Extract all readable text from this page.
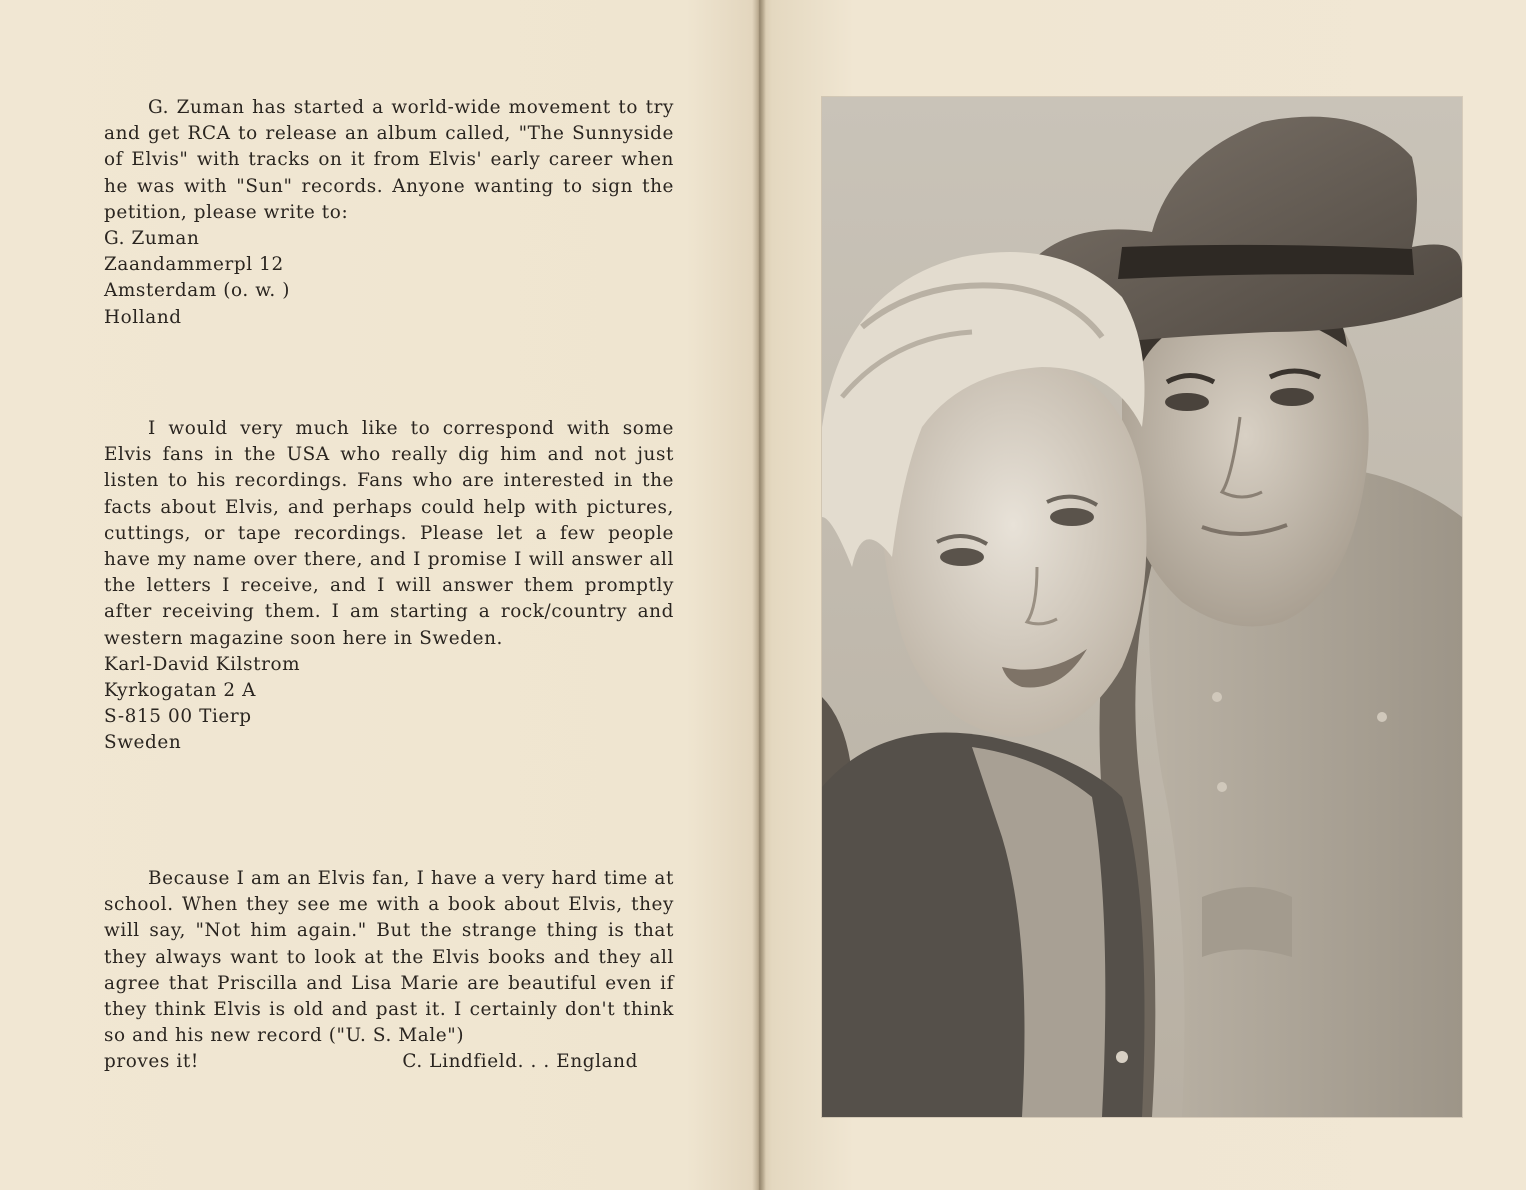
G. Zuman has started a world-wide movement to try and get RCA to release an album called, "The Sunnyside of Elvis" with tracks on it from Elvis' early career when he was with "Sun" records. Anyone wanting to sign the petition, please write to:

G. Zuman
Zaandammerpl 12
Amsterdam (o. w. )
Holland

I would very much like to correspond with some Elvis fans in the USA who really dig him and not just listen to his recordings. Fans who are interested in the facts about Elvis, and perhaps could help with pictures, cuttings, or tape recordings. Please let a few people have my name over there, and I promise I will answer all the letters I receive, and I will answer them promptly after receiving them. I am starting a rock/country and western magazine soon here in Sweden.

Karl-David Kilstrom
Kyrkogatan 2 A
S-815 00 Tierp
Sweden

Because I am an Elvis fan, I have a very hard time at school. When they see me with a book about Elvis, they will say, "Not him again." But the strange thing is that they always want to look at the Elvis books and they all agree that Priscilla and Lisa Marie are beautiful even if they think Elvis is old and past it. I certainly don't think so and his new record ("U. S. Male")

proves it!	C. Lindfield. . . England
